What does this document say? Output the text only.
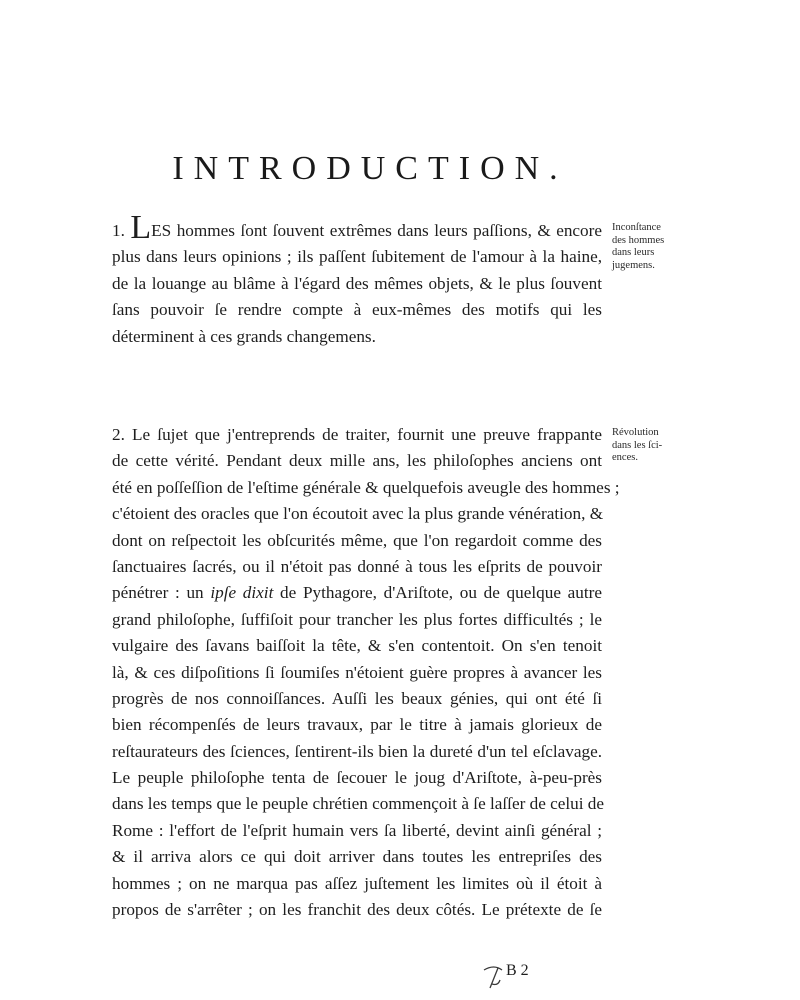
INTRODUCTION.
1. LES hommes ſont ſouvent extrêmes dans leurs paſſions, & encore
plus dans leurs opinions ; ils paſſent ſubitement de l'amour à la haine,
de la louange au blâme à l'égard des mêmes objets, & le plus ſouvent
ſans pouvoir ſe rendre compte à eux-mêmes des motifs qui les
déterminent à ces grands changemens.
Inconſtance
des hommes
dans leurs
jugemens.
2. Le ſujet que j'entreprends de traiter, fournit une preuve frappante
de cette vérité. Pendant deux mille ans, les philoſophes anciens ont
été en poſſeſſion de l'eſtime générale & quelquefois aveugle des hommes ;
c'étoient des oracles que l'on écoutoit avec la plus grande vénération, &
dont on reſpectoit les obſcurités même, que l'on regardoit comme des
ſanctuaires ſacrés, ou il n'étoit pas donné à tous les eſprits de pouvoir
pénétrer : un ipſe dixit de Pythagore, d'Ariſtote, ou de quelque autre
grand philoſophe, ſuffiſoit pour trancher les plus fortes difficultés ; le
vulgaire des ſavans baiſſoit la tête, & s'en contentoit. On s'en tenoit
là, & ces diſpoſitions ſi ſoumiſes n'étoient guère propres à avancer les
progrès de nos connoiſſances. Auſſi les beaux génies, qui ont été ſi
bien récompenſés de leurs travaux, par le titre à jamais glorieux de
reſtaurateurs des ſciences, ſentirent-ils bien la dureté d'un tel eſclavage.
Le peuple philoſophe tenta de ſecouer le joug d'Ariſtote, à-peu-près
dans les temps que le peuple chrétien commençoit à ſe laſſer de celui de
Rome : l'effort de l'eſprit humain vers ſa liberté, devint ainſi général ;
& il arriva alors ce qui doit arriver dans toutes les entrepriſes des
hommes ; on ne marqua pas aſſez juſtement les limites où il étoit à
propos de s'arrêter ; on les franchit des deux côtés. Le prétexte de ſe
Révolution
dans les ſci-
ences.
B 2
